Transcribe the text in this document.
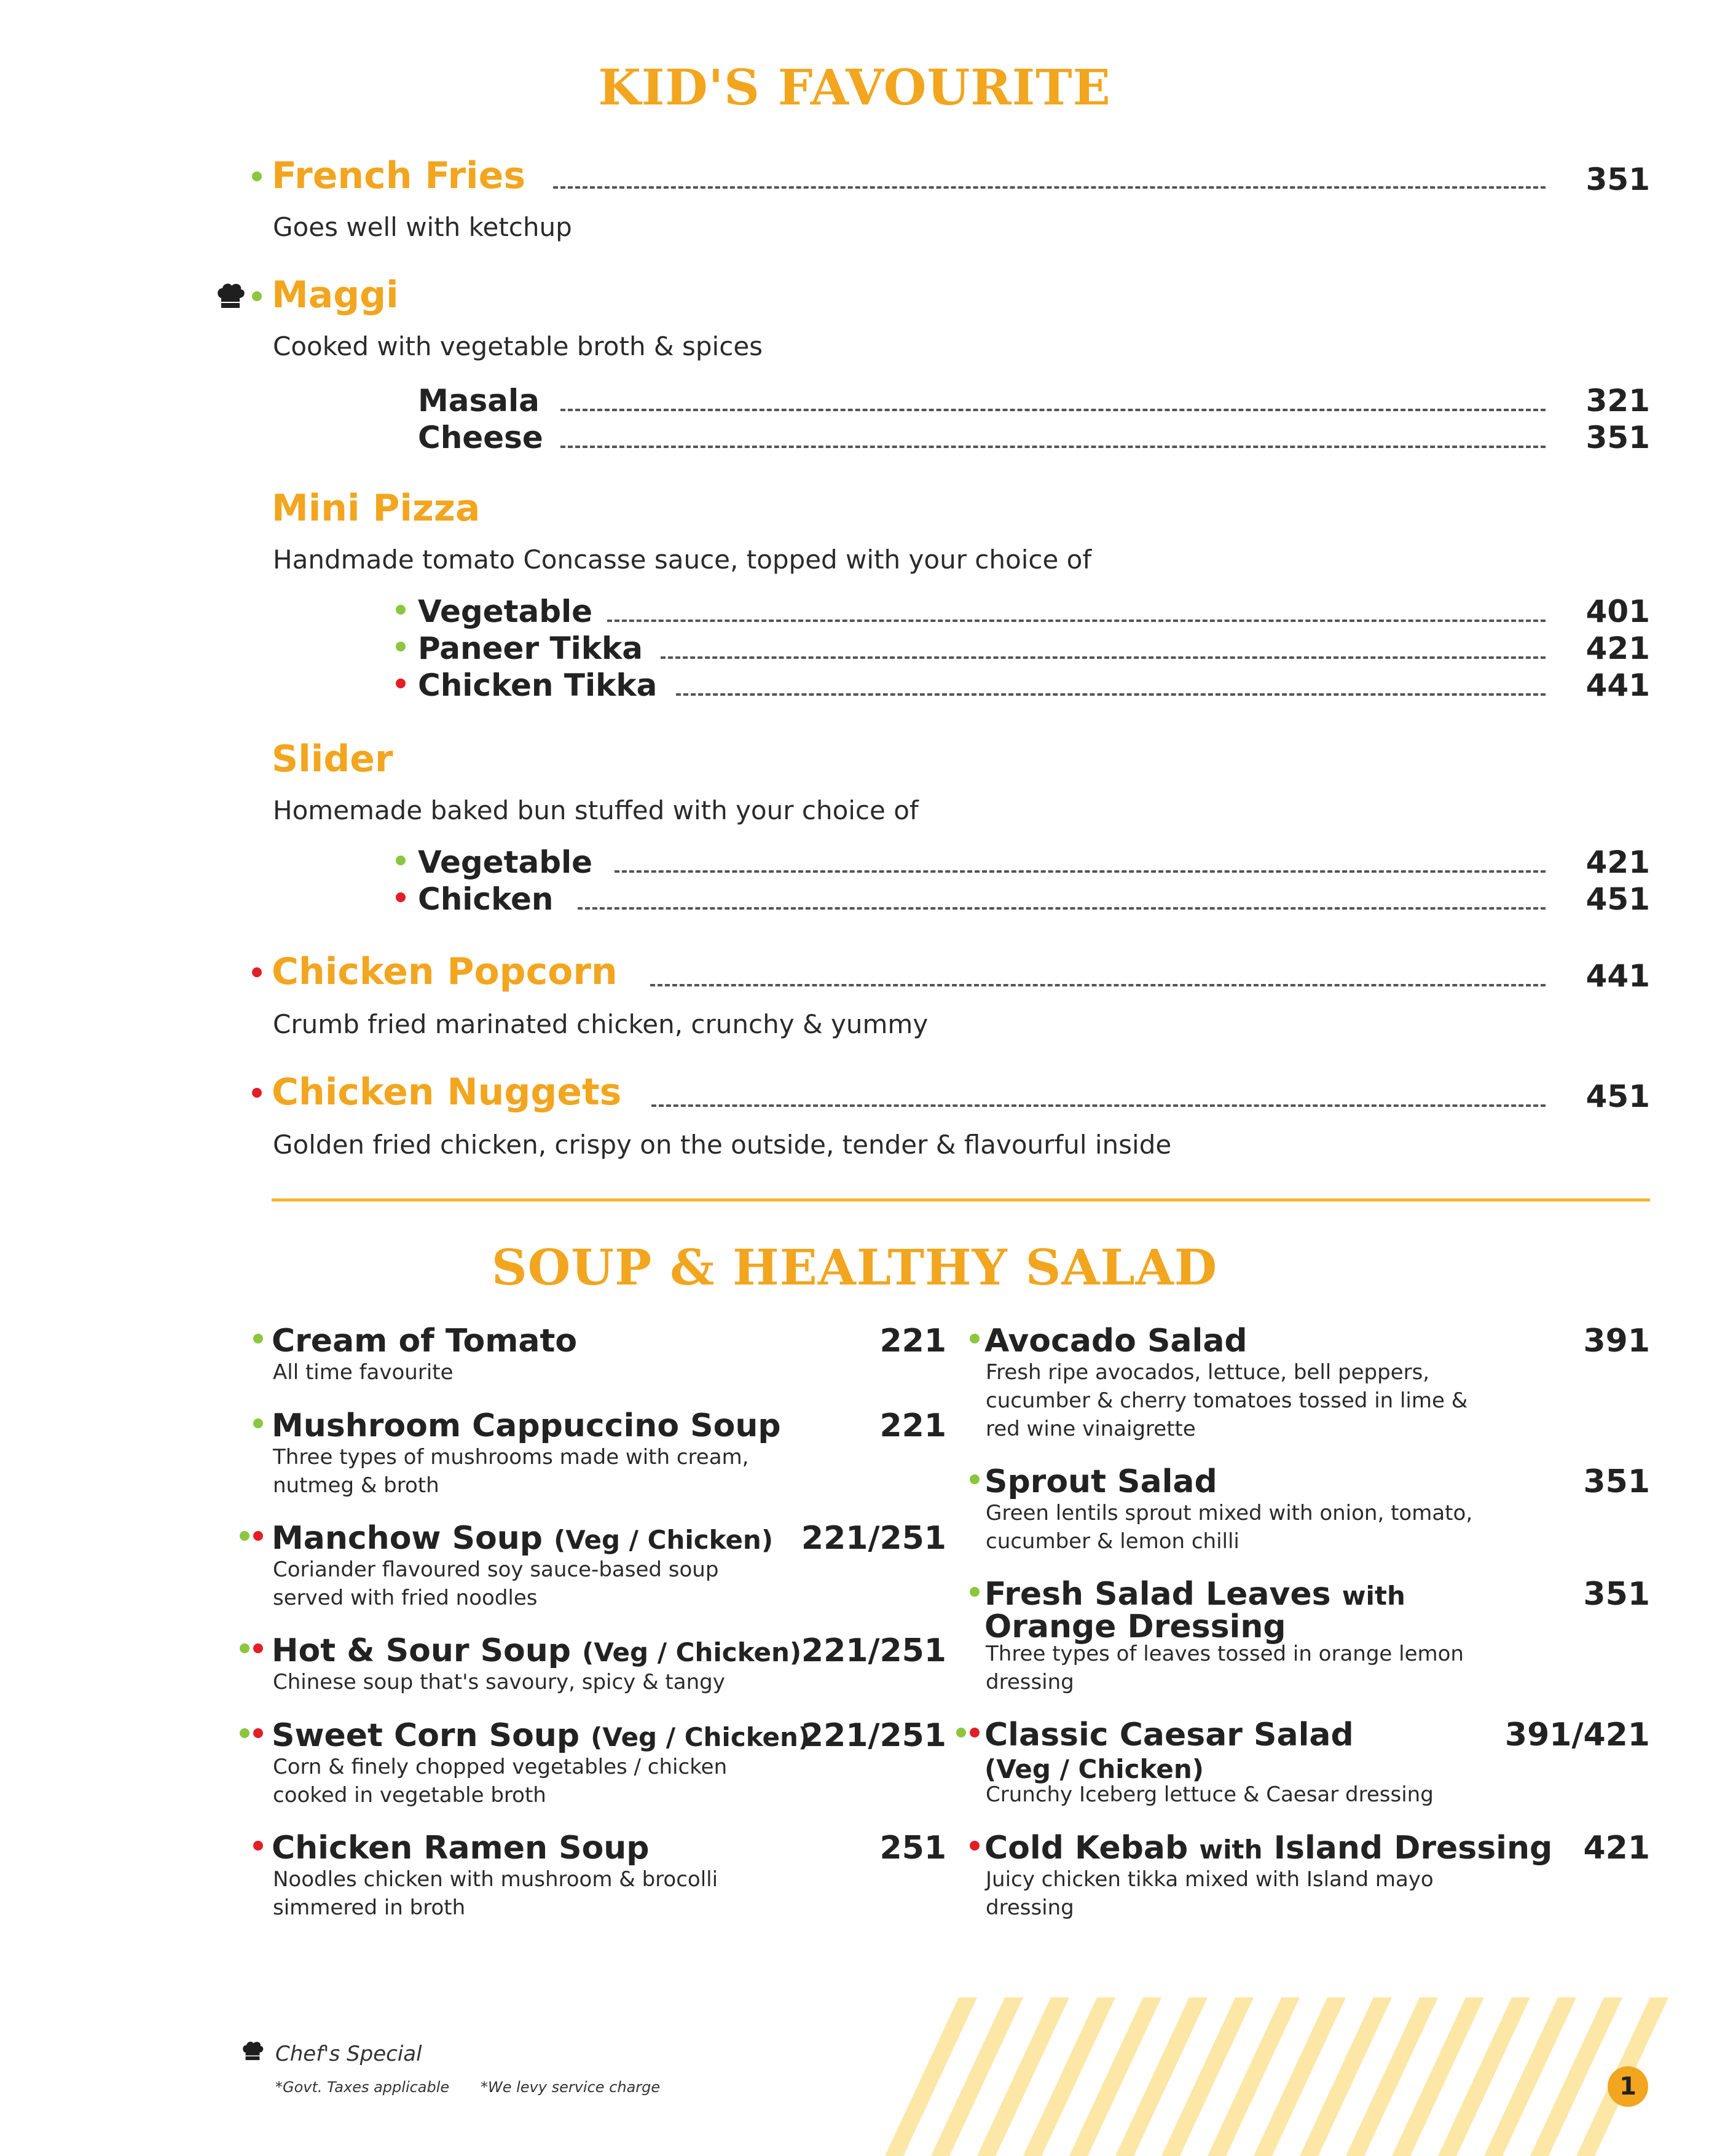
KID'S FAVOURITE
French Fries	351
Goes well with ketchup
Maggi
Cooked with vegetable broth & spices
Masala	321
Cheese	351
Mini Pizza
Handmade tomato Concasse sauce, topped with your choice of
Vegetable	401
Paneer Tikka	421
Chicken Tikka	441
Slider
Homemade baked bun stuffed with your choice of
Vegetable	421
Chicken	451
Chicken Popcorn	441
Crumb fried marinated chicken, crunchy & yummy
Chicken Nuggets	451
Golden fried chicken, crispy on the outside, tender & flavourful inside
SOUP & HEALTHY SALAD
Cream of Tomato	221
All time favourite
Mushroom Cappuccino Soup	221
Three types of mushrooms made with cream, nutmeg & broth
Manchow Soup (Veg / Chicken) 221/251
Coriander flavoured soy sauce-based soup served with fried noodles
Hot & Sour Soup (Veg / Chicken) 221/251
Chinese soup that's savoury, spicy & tangy
Sweet Corn Soup (Veg / Chicken)
221/251
Corn & finely chopped vegetables / chicken cooked in vegetable broth
Chicken Ramen Soup	251
Noodles chicken with mushroom & brocolli simmered in broth
Avocado Salad	391
Fresh ripe avocados, lettuce, bell peppers, cucumber & cherry tomatoes tossed in lime & red wine vinaigrette
Sprout Salad	351
Green lentils sprout mixed with onion, tomato, cucumber & lemon chilli
Fresh Salad Leaves with
Orange Dressing
351
Three types of leaves tossed in orange lemon dressing
Classic Caesar Salad
(Veg / Chicken)
391/421
Crunchy Iceberg lettuce & Caesar dressing
Cold Kebab with Island Dressing 421
Juicy chicken tikka mixed with Island mayo dressing
Chef's Special
*Govt. Taxes applicable *We levy service charge	1
